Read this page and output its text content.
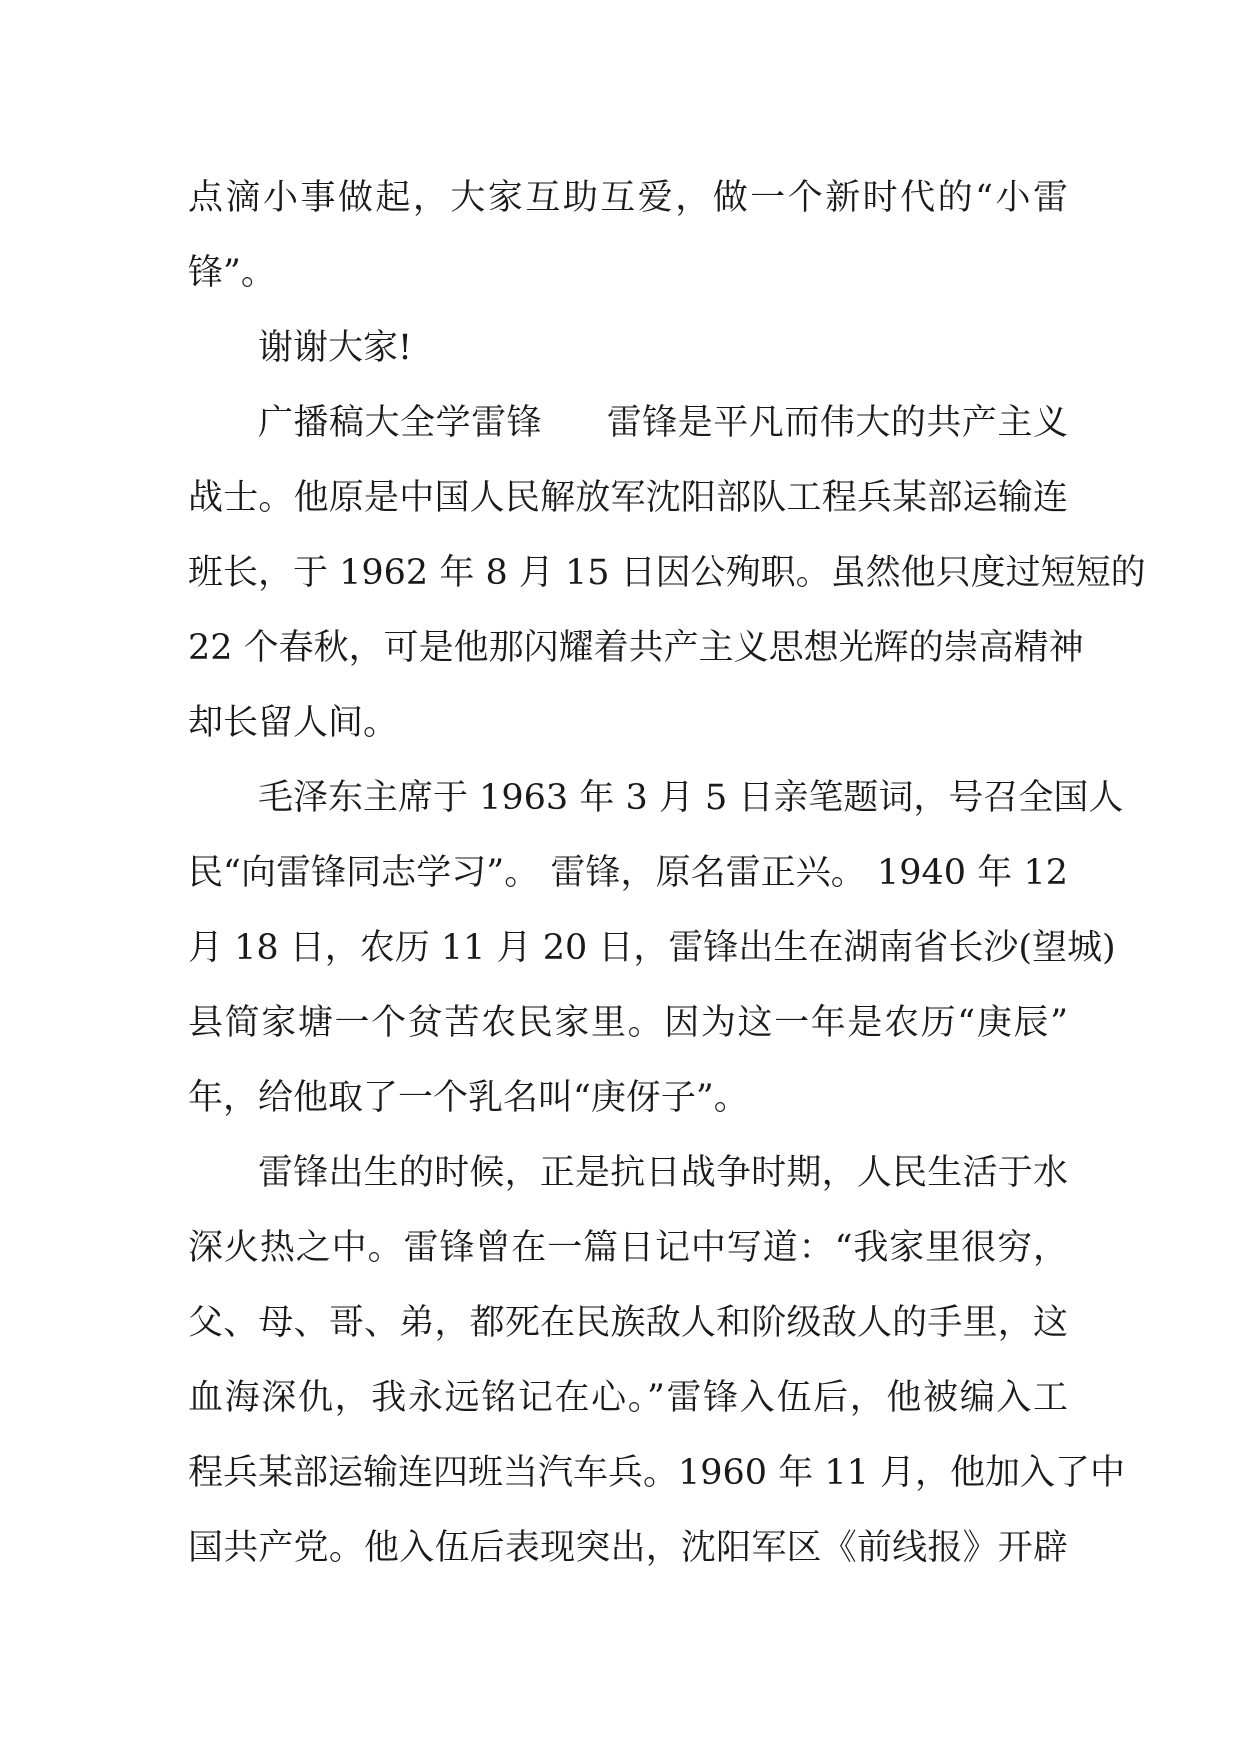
点滴小事做起，大家互助互爱，做一个新时代的“小雷

锋”。

谢谢大家!

广播稿大全学雷锋 雷锋是平凡而伟大的共产主义

战士。他原是中国人民解放军沈阳部队工程兵某部运输连

班长，于 1962 年 8 月 15 日因公殉职。虽然他只度过短短的

22 个春秋，可是他那闪耀着共产主义思想光辉的崇高精神

却长留人间。

毛泽东主席于 1963 年 3 月 5 日亲笔题词，号召全国人

民“向雷锋同志学习”。 雷锋，原名雷正兴。 1940 年 12

月 18 日，农历 11 月 20 日，雷锋出生在湖南省长沙(望城)

县简家塘一个贫苦农民家里。因为这一年是农历“庚辰”

年，给他取了一个乳名叫“庚伢子”。

雷锋出生的时候，正是抗日战争时期，人民生活于水

深火热之中。雷锋曾在一篇日记中写道：“我家里很穷，

父、母、哥、弟，都死在民族敌人和阶级敌人的手里，这

血海深仇，我永远铭记在心。”雷锋入伍后，他被编入工

程兵某部运输连四班当汽车兵。1960 年 11 月，他加入了中

国共产党。他入伍后表现突出，沈阳军区《前线报》开辟
